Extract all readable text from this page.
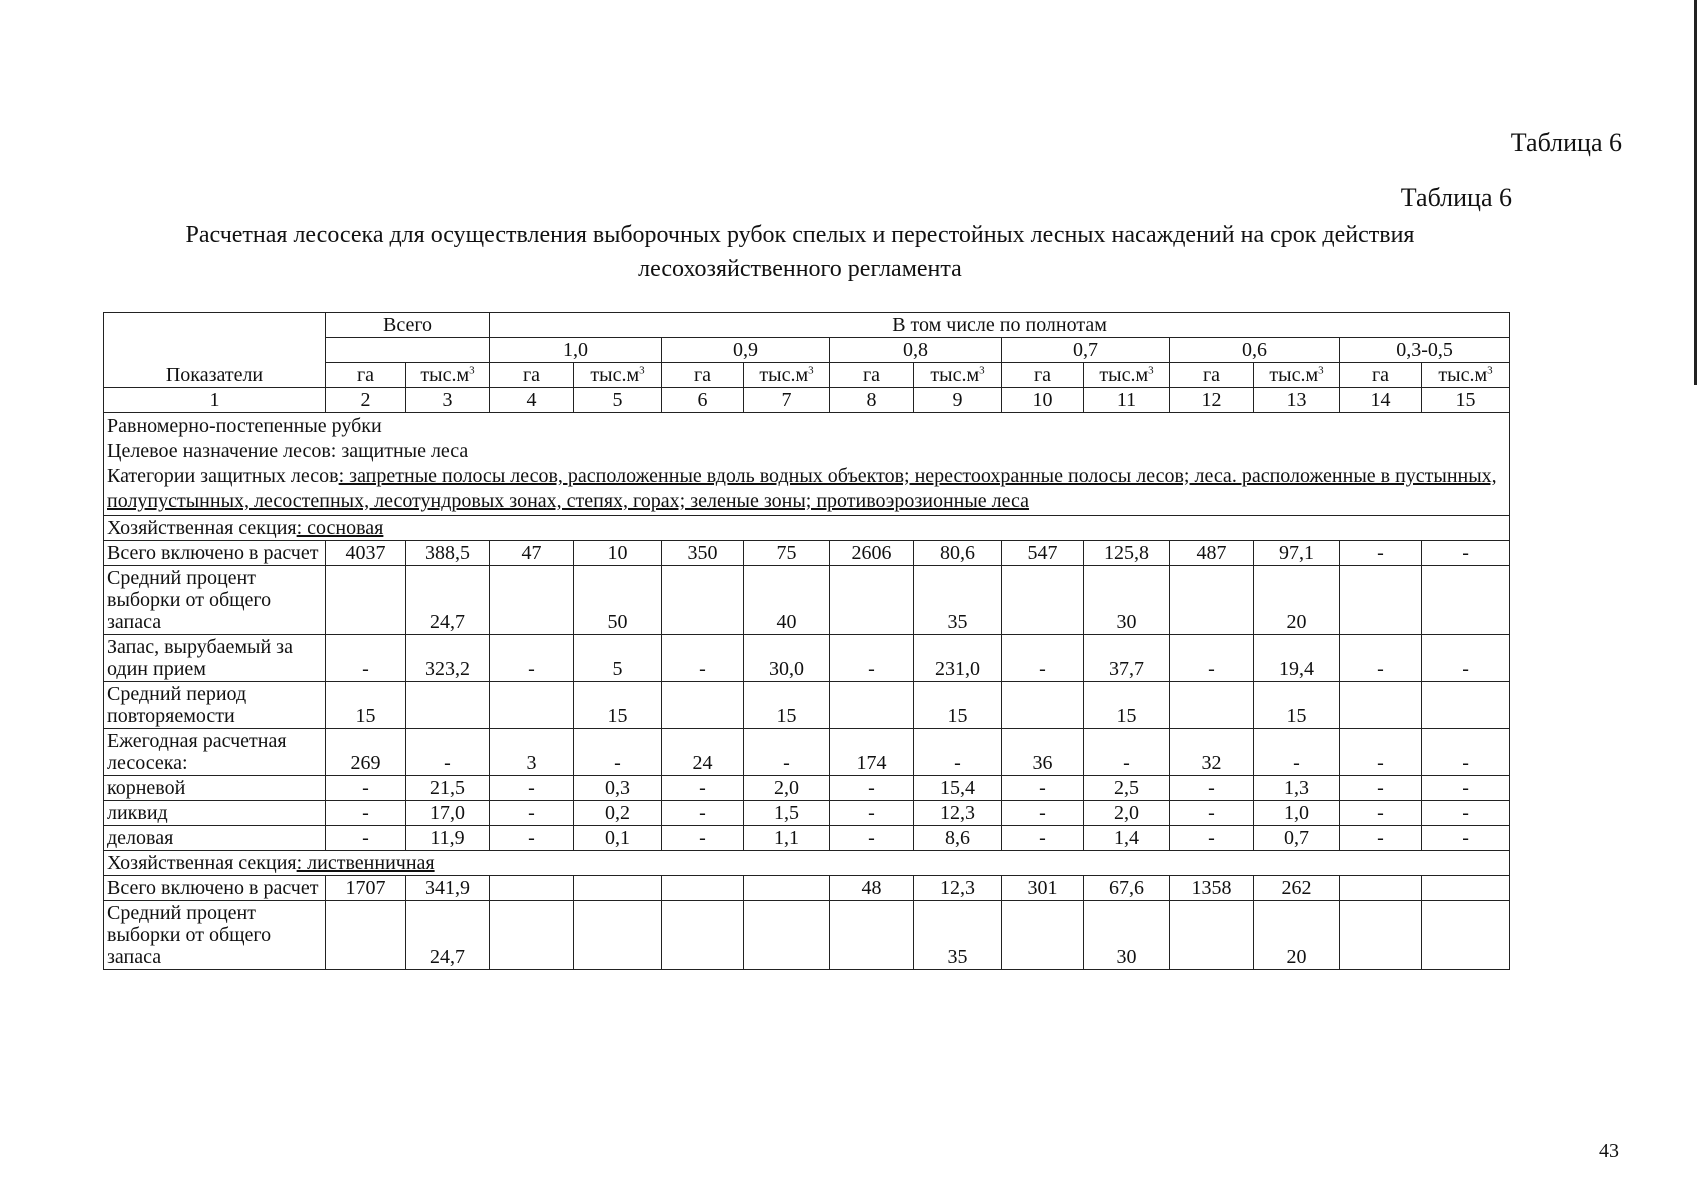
Таблица 6
Таблица 6
Расчетная лесосека для осуществления выборочных рубок спелых и перестойных лесных насаждений на срок действия лесохозяйственного регламента
Показатели	Всего		В том числе по полнотам											
			1,0		0,9		0,8		0,7		0,6		0,3-0,5	
	га	$тыс.м^3$	га	$тыс.м^3$	га	$тыс.м^3$	га	$тыс.м^3$	га	$тыс.м^3$	га	$тыс.м^3$	га	$тыс.м^3$
1	2	3	4	5	6	7	8	9	10	11	12	13	14	15

Равномерно-постепенные рубки
Целевое назначение лесов: защитные леса
Категории защитных лесов: запретные полосы лесов, расположенные вдоль водных объектов; нерестоохранные полосы лесов; леса. расположенные в пустынных, полупустынных, лесостепных, лесотундровых зонах, степях, горах; зеленые зоны; противоэрозионные леса														

Хозяйственная секция: сосновая														
Всего включено в расчет	4037	388,5	47	10	350	75	2606	80,6	547	125,8	487	97,1	-	-
Средний процент выборки от общего запаса		24,7		50		40		35		30		20		
Запас, вырубаемый за один прием	-	323,2	-	5	-	30,0	-	231,0	-	37,7	-	19,4	-	-
Средний период повторяемости	15			15		15		15		15		15		
Ежегодная расчетная лесосека:	269	-	3	-	24	-	174	-	36	-	32	-	-	-
корневой	-	21,5	-	0,3	-	2,0	-	15,4	-	2,5	-	1,3	-	-
ликвид	-	17,0	-	0,2	-	1,5	-	12,3	-	2,0	-	1,0	-	-
деловая	-	11,9	-	0,1	-	1,1	-	8,6	-	1,4	-	0,7	-	-
Хозяйственная секция: лиственничная														
Всего включено в расчет	1707	341,9					48	12,3	301	67,6	1358	262		
Средний процент выборки от общего запаса		24,7						35		30		20		
43
